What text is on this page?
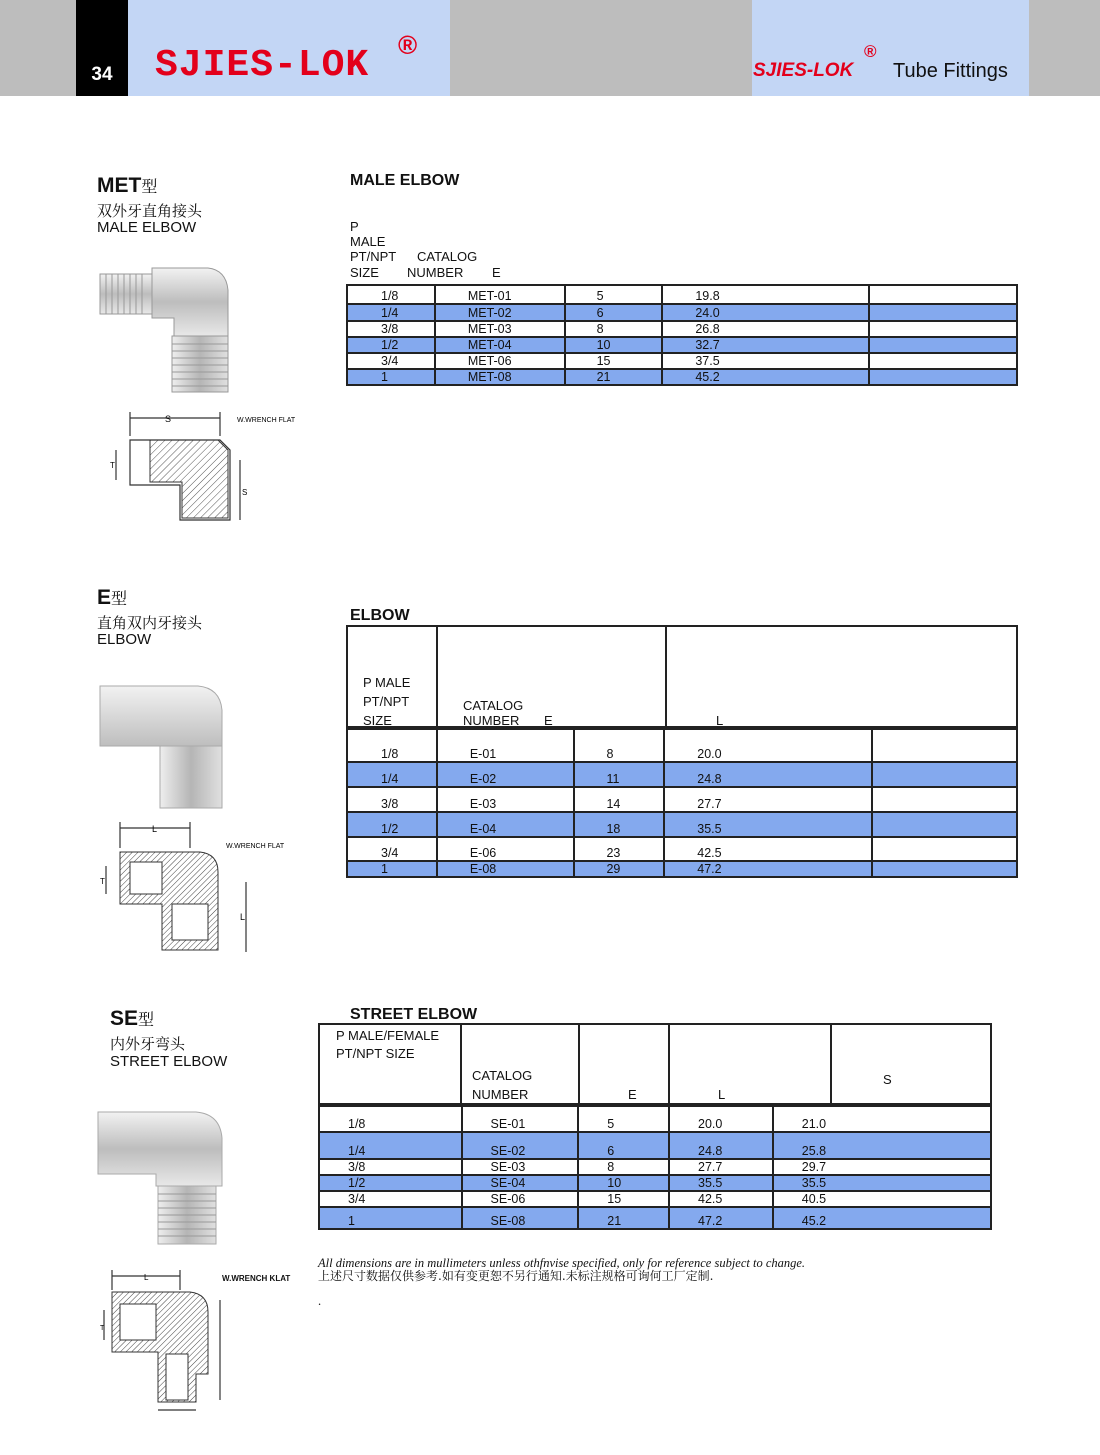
34	SJIES-LOK ®
SJIES-LOK
®
Tube Fittings
MET型
双外牙直角接头
MALE ELBOW
S	W.WRENCH FLAT
T
S
MALE ELBOW
P
MALE
PT/NPT CATALOG
SIZE NUMBER E
1/8	MET-01	5	19.8	
1/4	MET-02	6	24.0	
3/8	MET-03	8	26.8	
1/2	MET-04	10	32.7	
3/4	MET-06	15	37.5	
1	MET-08	21	45.2	
E型
直角双内牙接头
ELBOW
L
W.WRENCH FLAT
T
L
ELBOW
P MALE
PT/NPT
SIZE
CATALOG
NUMBER E	L
1/8	E-01	8	20.0	
1/4	E-02	11	24.8	
3/8	E-03	14	27.7	
1/2	E-04	18	35.5	
3/4	E-06	23	42.5	
1	E-08	29	47.2	
SE型
内外牙弯头
STREET ELBOW
W.WRENCH KLAT
L
T
STREET ELBOW
P MALE/FEMALE
PT/NPT SIZE
CATALOG
NUMBER	E	L
S
1/8	SE-01	5	20.0	21.0
1/4	SE-02	6	24.8	25.8
3/8	SE-03	8	27.7	29.7
1/2	SE-04	10	35.5	35.5
3/4	SE-06	15	42.5	40.5
1	SE-08	21	47.2	45.2
All dimensions are in mullimeters unless othfnvise specified, only for reference subject to change.
上述尺寸数据仅供参考.如有变更恕不另行通知.未标注规格可询何工厂定制.
.
